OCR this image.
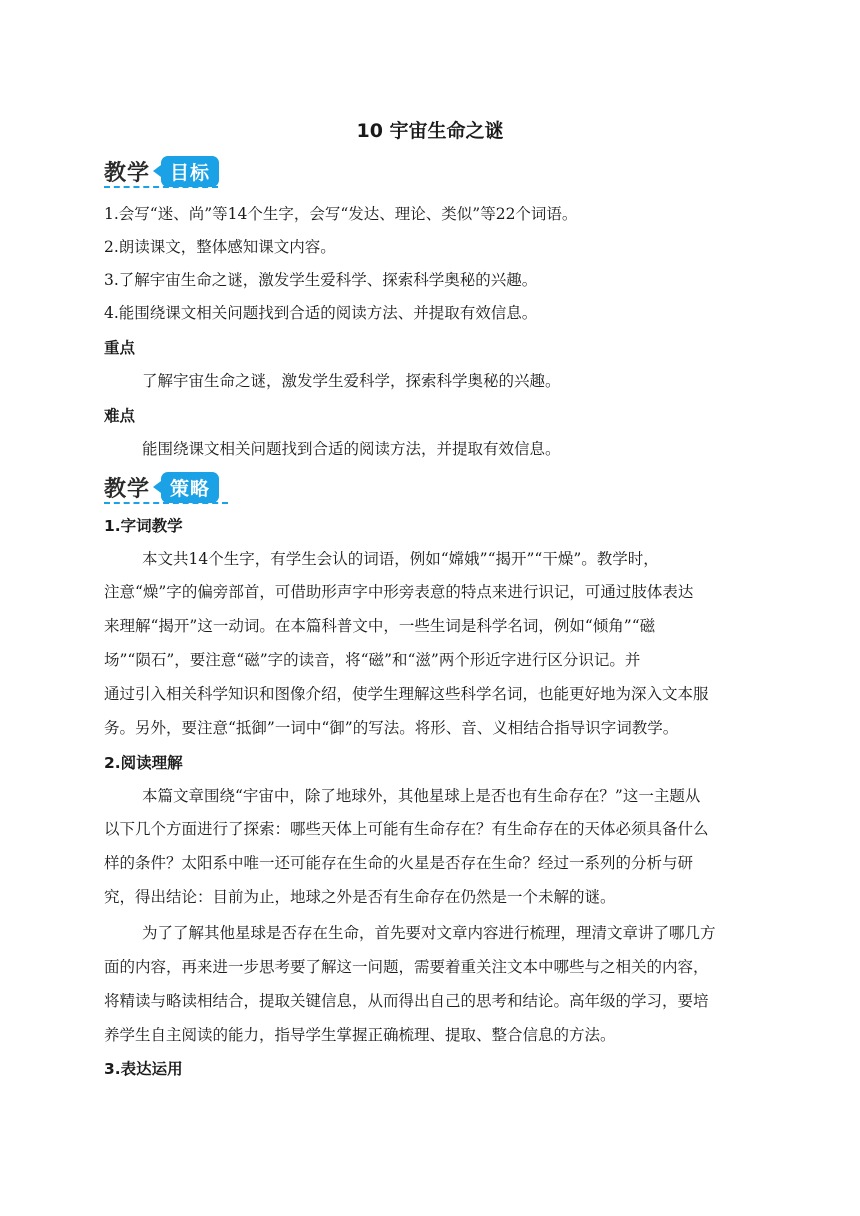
10 宇宙生命之谜
教学	目标
1.会写“迷、尚”等14个生字，会写“发达、理论、类似”等22个词语。
2.朗读课文，整体感知课文内容。
3.了解宇宙生命之谜，激发学生爱科学、探索科学奥秘的兴趣。
4.能围绕课文相关问题找到合适的阅读方法、并提取有效信息。
重点
了解宇宙生命之谜，激发学生爱科学，探索科学奥秘的兴趣。
难点
能围绕课文相关问题找到合适的阅读方法，并提取有效信息。
教学	策略
1.字词教学
本文共14个生字，有学生会认的词语，例如“嫦娥”“揭开”“干燥”。教学时，
注意“燥”字的偏旁部首，可借助形声字中形旁表意的特点来进行识记，可通过肢体表达
来理解“揭开”这一动词。在本篇科普文中，一些生词是科学名词，例如“倾角”“磁
场”“陨石”，要注意“磁”字的读音，将“磁”和“滋”两个形近字进行区分识记。并
通过引入相关科学知识和图像介绍，使学生理解这些科学名词，也能更好地为深入文本服
务。另外，要注意“抵御”一词中“御”的写法。将形、音、义相结合指导识字词教学。
2.阅读理解
本篇文章围绕“宇宙中，除了地球外，其他星球上是否也有生命存在？”这一主题从
以下几个方面进行了探索：哪些天体上可能有生命存在？有生命存在的天体必须具备什么
样的条件？太阳系中唯一还可能存在生命的火星是否存在生命？经过一系列的分析与研
究，得出结论：目前为止，地球之外是否有生命存在仍然是一个未解的谜。
为了了解其他星球是否存在生命，首先要对文章内容进行梳理，理清文章讲了哪几方
面的内容，再来进一步思考要了解这一问题，需要着重关注文本中哪些与之相关的内容，
将精读与略读相结合，提取关键信息，从而得出自己的思考和结论。高年级的学习，要培
养学生自主阅读的能力，指导学生掌握正确梳理、提取、整合信息的方法。
3.表达运用
